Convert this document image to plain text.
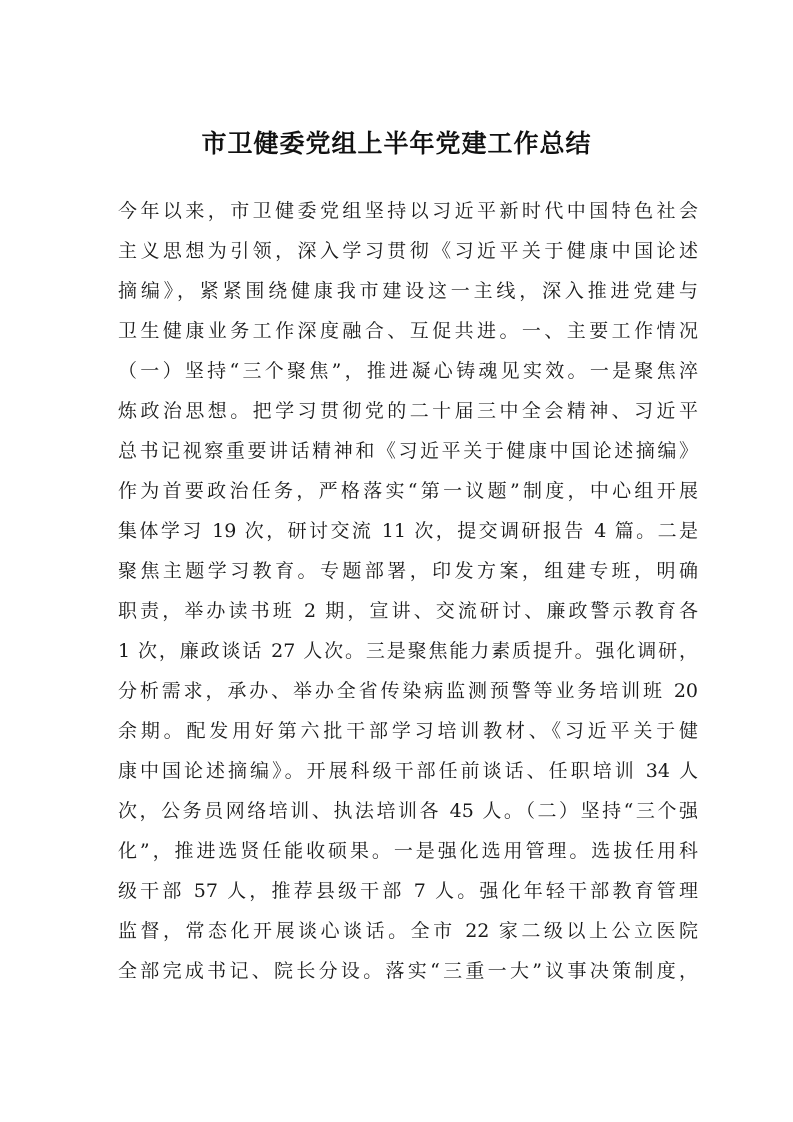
市卫健委党组上半年党建工作总结
今年以来，市卫健委党组坚持以习近平新时代中国特色社会
主义思想为引领，深入学习贯彻《习近平关于健康中国论述
摘编》，紧紧围绕健康我市建设这一主线，深入推进党建与
卫生健康业务工作深度融合、互促共进。一、主要工作情况
（一）坚持“三个聚焦”，推进凝心铸魂见实效。一是聚焦淬
炼政治思想。把学习贯彻党的二十届三中全会精神、习近平
总书记视察重要讲话精神和《习近平关于健康中国论述摘编》
作为首要政治任务，严格落实“第一议题”制度，中心组开展
集体学习 19 次，研讨交流 11 次，提交调研报告 4 篇。二是
聚焦主题学习教育。专题部署，印发方案，组建专班，明确
职责，举办读书班 2 期，宣讲、交流研讨、廉政警示教育各
1 次，廉政谈话 27 人次。三是聚焦能力素质提升。强化调研，
分析需求，承办、举办全省传染病监测预警等业务培训班 20
余期。配发用好第六批干部学习培训教材、《习近平关于健
康中国论述摘编》。开展科级干部任前谈话、任职培训 34 人
次，公务员网络培训、执法培训各 45 人。（二）坚持“三个强
化”，推进选贤任能收硕果。一是强化选用管理。选拔任用科
级干部 57 人，推荐县级干部 7 人。强化年轻干部教育管理
监督，常态化开展谈心谈话。全市 22 家二级以上公立医院
全部完成书记、院长分设。落实“三重一大”议事决策制度，
